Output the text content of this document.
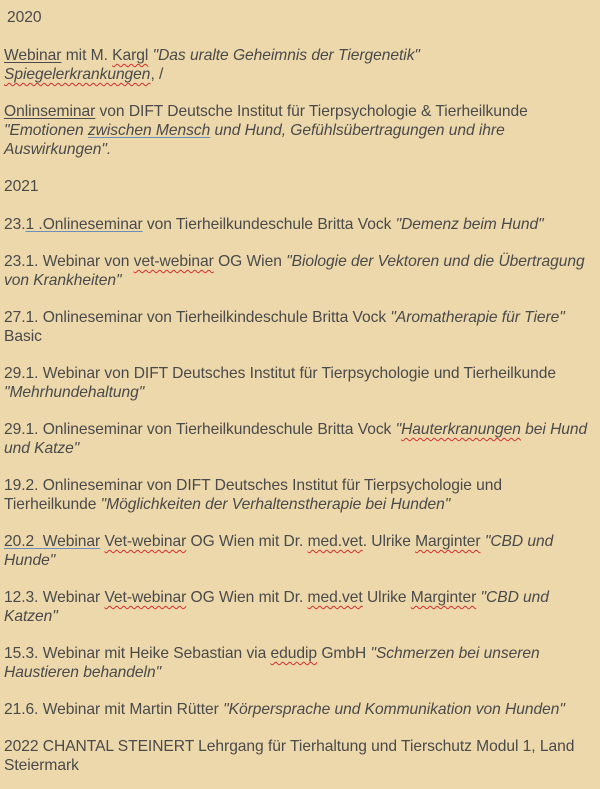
2020

Webinar mit M. Kargl "Das uralte Geheimnis der Tiergenetik"
Spiegelerkrankungen, /

Onlinseminar von DIFT Deutsche Institut für Tierpsychologie & Tierheilkunde "Emotionen zwischen Mensch und Hund, Gefühlsübertragungen und ihre Auswirkungen".

2021

23.1 .Onlineseminar von Tierheilkundeschule Britta Vock "Demenz beim Hund"

23.1. Webinar von vet-webinar OG Wien "Biologie der Vektoren und die Übertragung von Krankheiten"

27.1. Onlineseminar von Tierheilkindeschule Britta Vock "Aromatherapie für Tiere" Basic

29.1. Webinar von DIFT Deutsches Institut für Tierpsychologie und Tierheilkunde "Mehrhundehaltung"

29.1. Onlineseminar von Tierheilkundeschule Britta Vock "Hauterkranungen bei Hund und Katze"

19.2. Onlineseminar von DIFT Deutsches Institut für Tierpsychologie und Tierheilkunde "Möglichkeiten der Verhaltenstherapie bei Hunden"

20.2 Webinar Vet-webinar OG Wien mit Dr. med.vet. Ulrike Marginter "CBD und Hunde"

12.3. Webinar Vet-webinar OG Wien mit Dr. med.vet Ulrike Marginter "CBD und Katzen"

15.3. Webinar mit Heike Sebastian via edudip GmbH "Schmerzen bei unseren Haustieren behandeln"

21.6. Webinar mit Martin Rütter "Körpersprache und Kommunikation von Hunden"

2022 CHANTAL STEINERT Lehrgang für Tierhaltung und Tierschutz Modul 1, Land Steiermark
